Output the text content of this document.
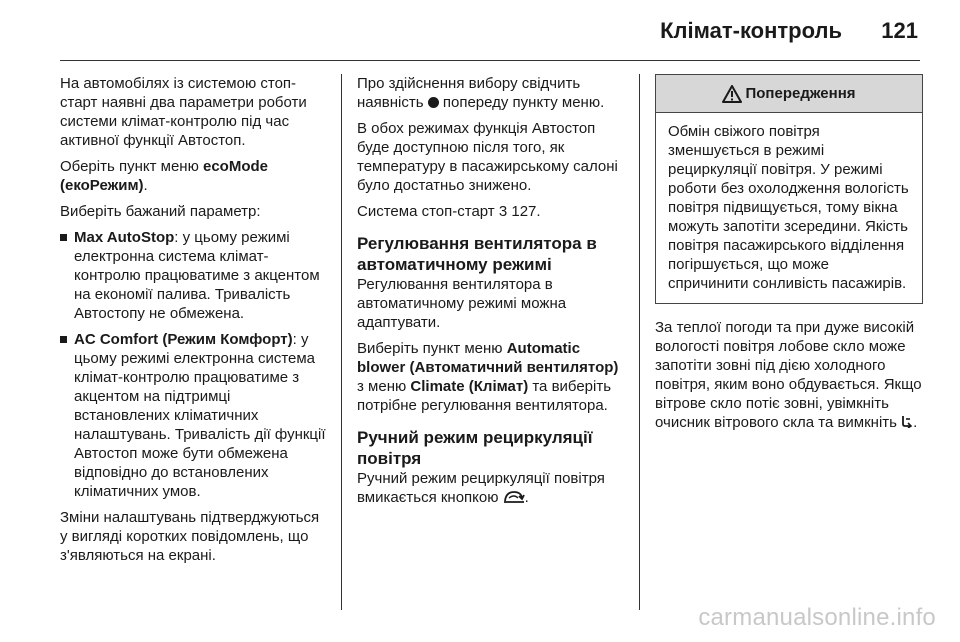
Клімат-контроль 121

На автомобілях із системою стоп-старт наявні два параметри роботи системи клімат-контролю під час активної функції Автостоп.

Оберіть пункт меню ecoMode (екоРежим).

Виберіть бажаний параметр:

Max AutoStop: у цьому режимі електронна система клімат-контролю працюватиме з акцентом на економії палива. Тривалість Автостопу не обмежена.
AC Comfort (Режим Комфорт): у цьому режимі електронна система клімат-контролю працюватиме з акцентом на підтримці встановлених кліматичних налаштувань. Тривалість дії функції Автостоп може бути обмежена відповідно до встановлених кліматичних умов.

Зміни налаштувань підтверджуються у вигляді коротких повідомлень, що з'являються на екрані.

Про здійснення вибору свідчить наявність  попереду пункту меню.

В обох режимах функція Автостоп буде доступною після того, як температуру в пасажирському салоні було достатньо знижено.

Система стоп-старт 3 127.

Регулювання вентилятора в автоматичному режимі

Регулювання вентилятора в автоматичному режимі можна адаптувати.

Виберіть пункт меню Automatic blower (Автоматичний вентилятор) з меню Climate (Клімат) та виберіть потрібне регулювання вентилятора.

Ручний режим рециркуляції повітря

Ручний режим рециркуляції повітря вмикається кнопкою .

Попередження
Обмін свіжого повітря зменшується в режимі рециркуляції повітря. У режимі роботи без охолодження вологість повітря підвищується, тому вікна можуть запотіти зсередини. Якість повітря пасажирського відділення погіршується, що може спричинити сонливість пасажирів.

За теплої погоди та при дуже високій вологості повітря лобове скло може запотіти зовні під дією холодного повітря, яким воно обдувається. Якщо вітрове скло потіє зовні, увімкніть очисник вітрового скла та вимкніть .

carmanualsonline.info
